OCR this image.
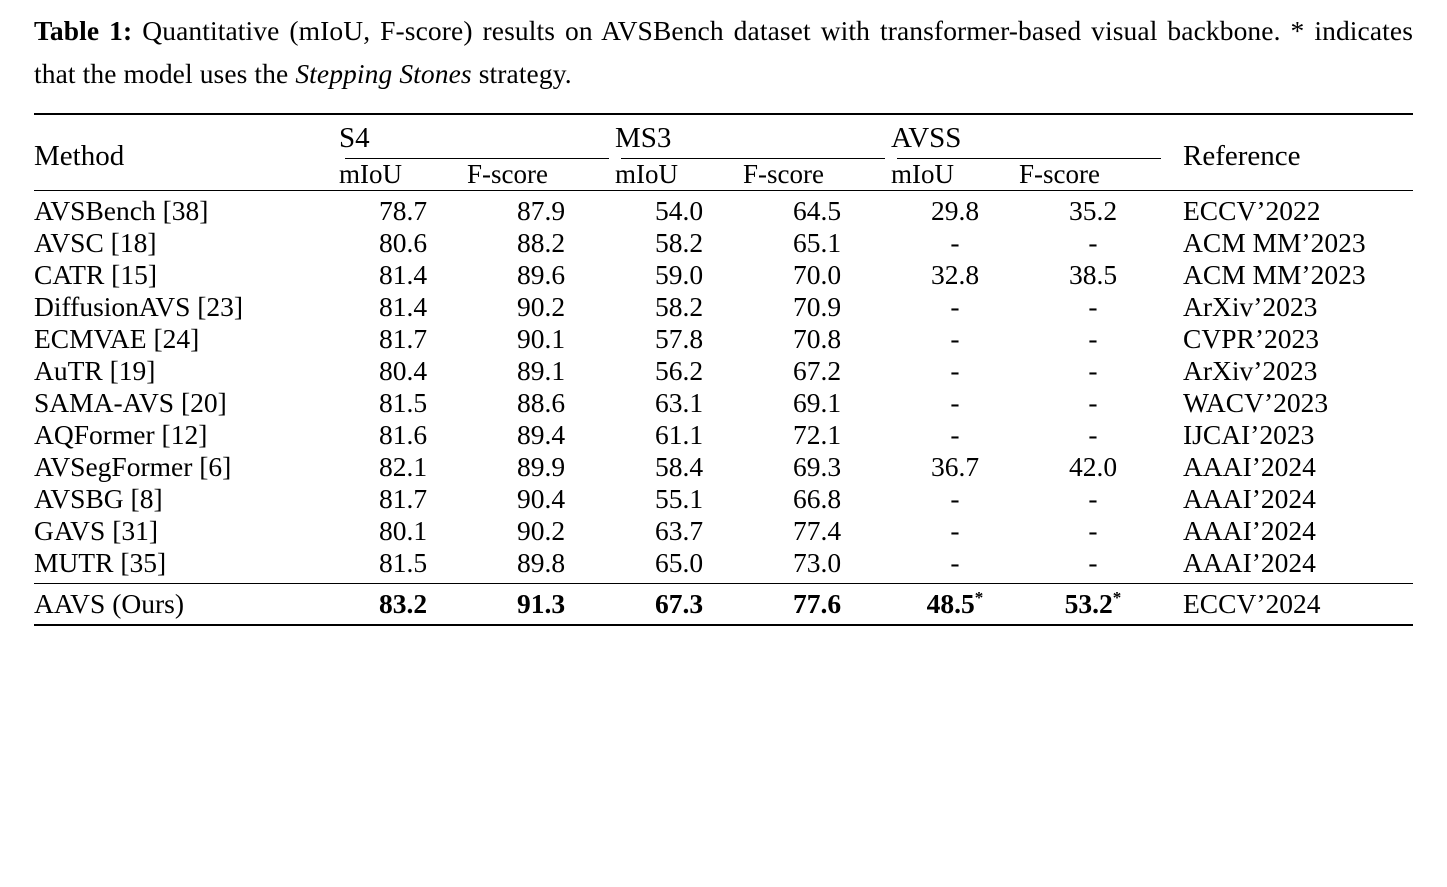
Table 1: Quantitative (mIoU, F-score) results on AVSBench dataset with transformer-based visual backbone. * indicates that the model uses the Stepping Stones strategy.

Method	S4		MS3		AVSS		Reference
	mIoU	F-score	mIoU	F-score	mIoU	F-score	

AVSBench [38]	78.7	87.9	54.0	64.5	29.8	35.2	ECCV’2022
AVSC [18]	80.6	88.2	58.2	65.1	-	-	ACM MM’2023
CATR [15]	81.4	89.6	59.0	70.0	32.8	38.5	ACM MM’2023
DiffusionAVS [23]	81.4	90.2	58.2	70.9	-	-	ArXiv’2023
ECMVAE [24]	81.7	90.1	57.8	70.8	-	-	CVPR’2023
AuTR [19]	80.4	89.1	56.2	67.2	-	-	ArXiv’2023
SAMA-AVS [20]	81.5	88.6	63.1	69.1	-	-	WACV’2023
AQFormer [12]	81.6	89.4	61.1	72.1	-	-	IJCAI’2023
AVSegFormer [6]	82.1	89.9	58.4	69.3	36.7	42.0	AAAI’2024
AVSBG [8]	81.7	90.4	55.1	66.8	-	-	AAAI’2024
GAVS [31]	80.1	90.2	63.7	77.4	-	-	AAAI’2024
MUTR [35]	81.5	89.8	65.0	73.0	-	-	AAAI’2024

AAVS (Ours)	83.2	91.3	67.3	77.6	48.5*	53.2*	ECCV’2024
